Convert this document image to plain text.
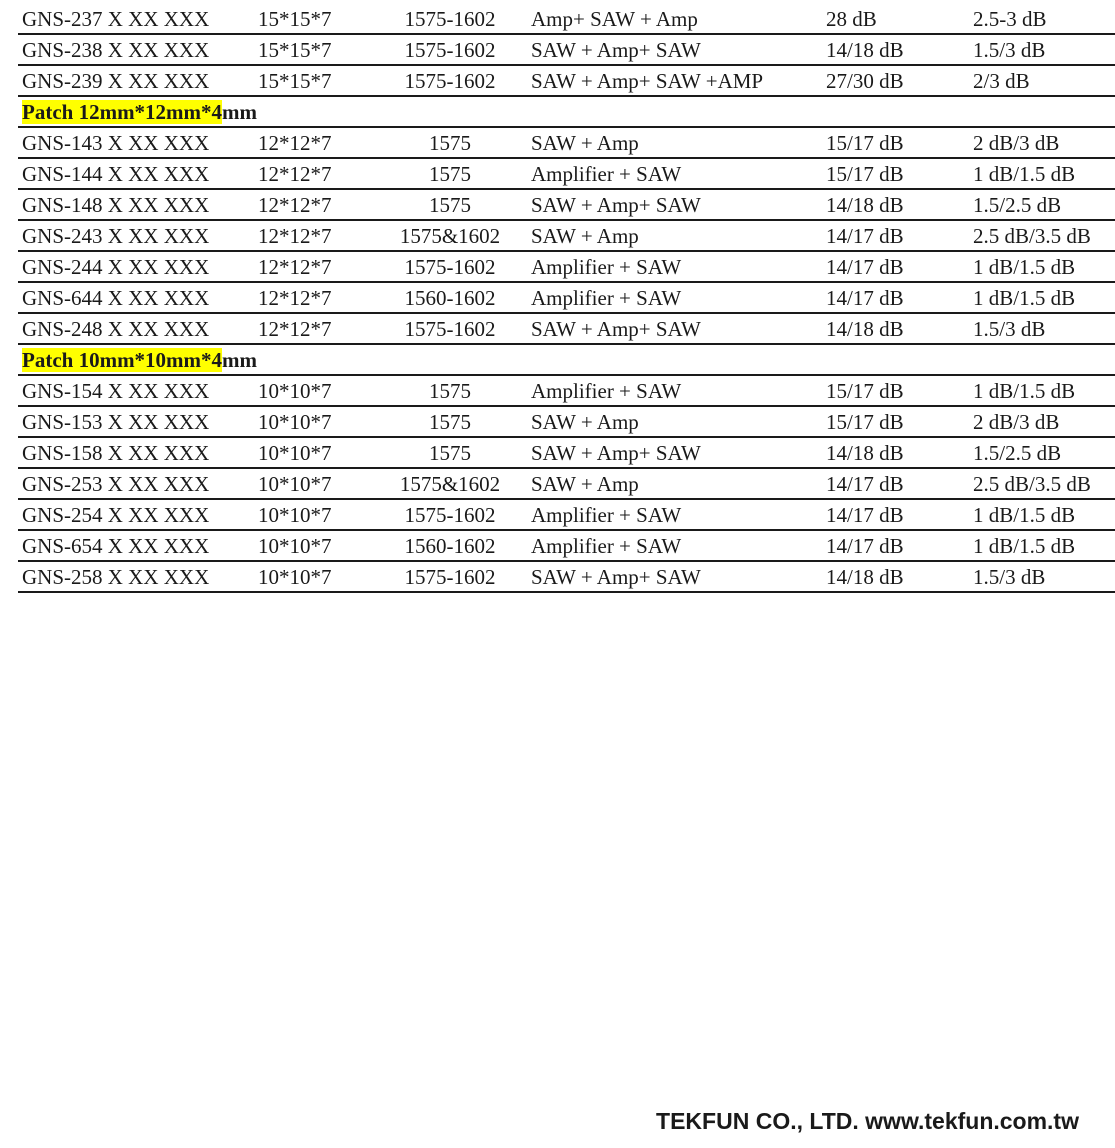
GNS-237 X XX XXX 15*15*7	1575-1602	Amp+ SAW + Amp	28 dB	2.5-3 dB
GNS-238 X XX XXX 15*15*7	1575-1602	SAW + Amp+ SAW	14/18 dB	1.5/3 dB
GNS-239 X XX XXX 15*15*7	1575-1602	SAW + Amp+ SAW +AMP	27/30 dB	2/3 dB
Patch 12mm*12mm*4mm
GNS-143 X XX XXX 12*12*7	1575	SAW + Amp	15/17 dB	2 dB/3 dB
GNS-144 X XX XXX 12*12*7	1575	Amplifier + SAW	15/17 dB	1 dB/1.5 dB
GNS-148 X XX XXX 12*12*7	1575	SAW + Amp+ SAW	14/18 dB	1.5/2.5 dB
GNS-243 X XX XXX 12*12*7	1575&1602	SAW + Amp	14/17 dB	2.5 dB/3.5 dB
GNS-244 X XX XXX 12*12*7	1575-1602	Amplifier + SAW	14/17 dB	1 dB/1.5 dB
GNS-644 X XX XXX 12*12*7	1560-1602	Amplifier + SAW	14/17 dB	1 dB/1.5 dB
GNS-248 X XX XXX 12*12*7	1575-1602	SAW + Amp+ SAW	14/18 dB	1.5/3 dB
Patch 10mm*10mm*4mm
GNS-154 X XX XXX 10*10*7	1575	Amplifier + SAW	15/17 dB	1 dB/1.5 dB
GNS-153 X XX XXX 10*10*7	1575	SAW + Amp	15/17 dB	2 dB/3 dB
GNS-158 X XX XXX 10*10*7	1575	SAW + Amp+ SAW	14/18 dB	1.5/2.5 dB
GNS-253 X XX XXX 10*10*7	1575&1602	SAW + Amp	14/17 dB	2.5 dB/3.5 dB
GNS-254 X XX XXX 10*10*7	1575-1602	Amplifier + SAW	14/17 dB	1 dB/1.5 dB
GNS-654 X XX XXX 10*10*7	1560-1602	Amplifier + SAW	14/17 dB	1 dB/1.5 dB
GNS-258 X XX XXX 10*10*7	1575-1602	SAW + Amp+ SAW	14/18 dB	1.5/3 dB
TEKFUN CO., LTD. www.tekfun.com.tw
